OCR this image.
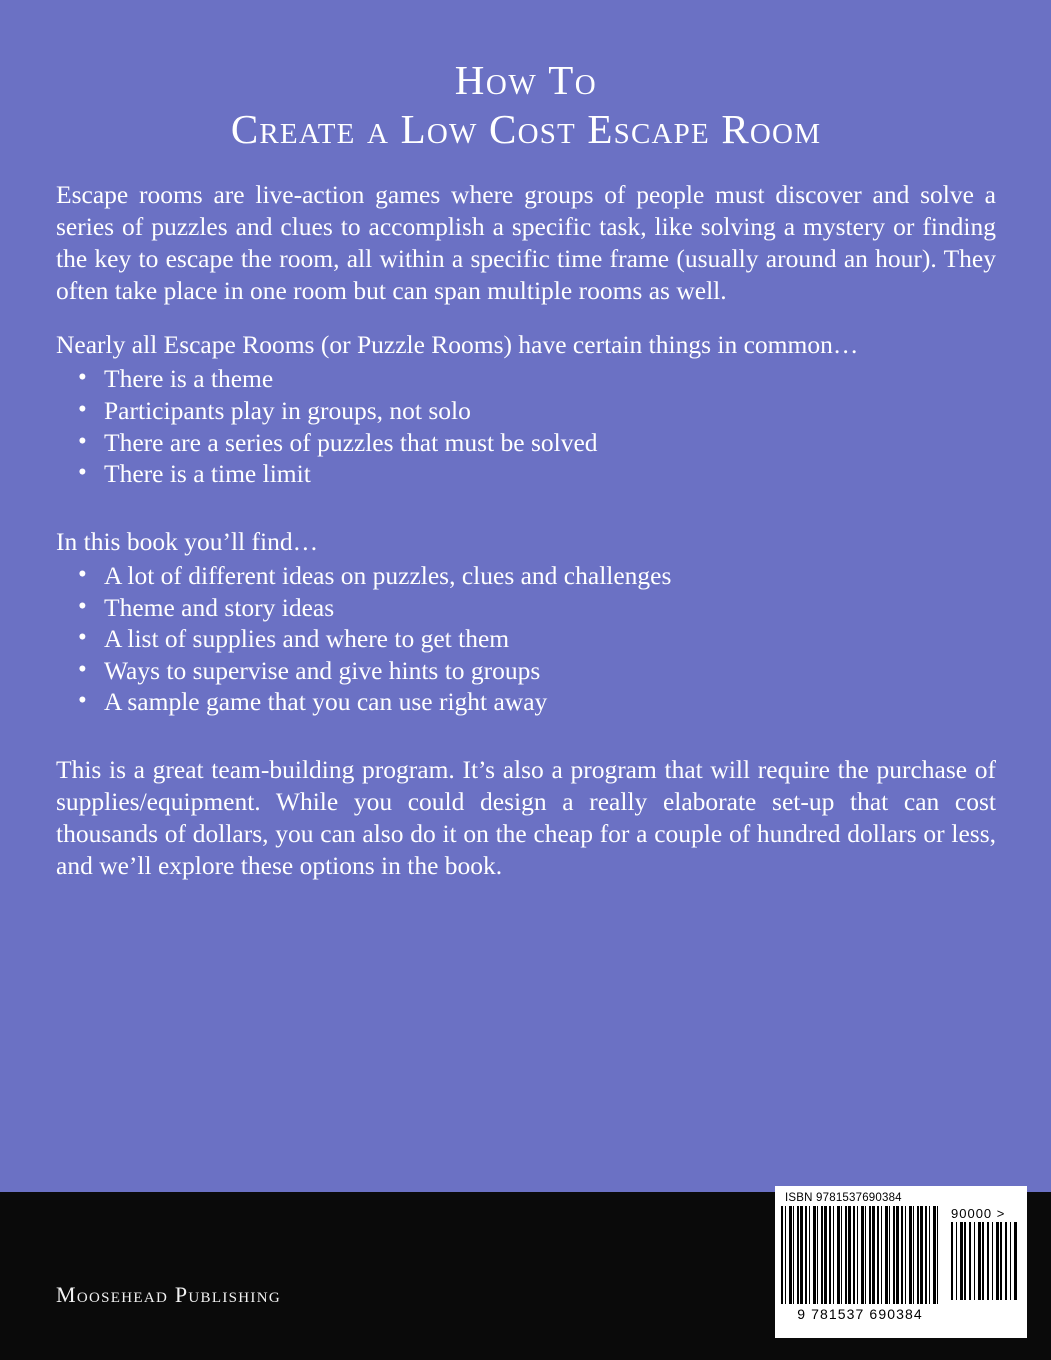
How To
Create a Low Cost Escape Room

Escape rooms are live-action games where groups of people must discover and solve a series of puzzles and clues to accomplish a specific task, like solving a mystery or finding the key to escape the room, all within a specific time frame (usually around an hour). They often take place in one room but can span multiple rooms as well.

Nearly all Escape Rooms (or Puzzle Rooms) have certain things in common…

• There is a theme
• Participants play in groups, not solo
• There are a series of puzzles that must be solved
• There is a time limit

In this book you’ll find…

• A lot of different ideas on puzzles, clues and challenges
• Theme and story ideas
• A list of supplies and where to get them
• Ways to supervise and give hints to groups
• A sample game that you can use right away

This is a great team-building program. It’s also a program that will require the purchase of supplies/equipment. While you could design a really elaborate set-up that can cost thousands of dollars, you can also do it on the cheap for a couple of hundred dollars or less, and we’ll explore these options in the book.

Moosehead Publishing
ISBN 9781537690384
9 781537 690384
90000 >
